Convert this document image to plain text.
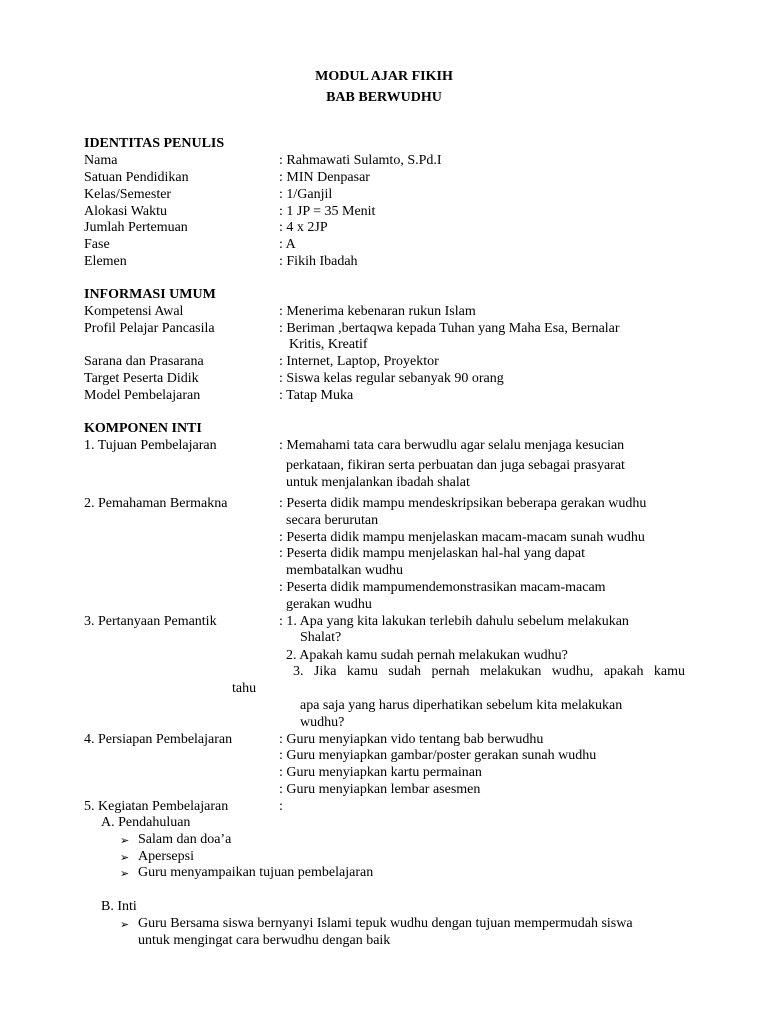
MODUL AJAR FIKIH
BAB BERWUDHU
IDENTITAS PENULIS
Nama	: Rahmawati Sulamto, S.Pd.I
Satuan Pendidikan	: MIN Denpasar
Kelas/Semester	: 1/Ganjil
Alokasi Waktu	: 1 JP = 35 Menit
Jumlah Pertemuan	: 4 x 2JP
Fase	: A
Elemen	: Fikih Ibadah
INFORMASI UMUM
Kompetensi Awal	: Menerima kebenaran rukun Islam
Profil Pelajar Pancasila	: Beriman ,bertaqwa kepada Tuhan yang Maha Esa, Bernalar
Kritis, Kreatif
Sarana dan Prasarana	: Internet, Laptop, Proyektor
Target Peserta Didik	: Siswa kelas regular sebanyak 90 orang
Model Pembelajaran	: Tatap Muka
KOMPONEN INTI
1. Tujuan Pembelajaran	: Memahami tata cara berwudlu agar selalu menjaga kesucian
perkataan, fikiran serta perbuatan dan juga sebagai prasyarat
untuk menjalankan ibadah shalat
2. Pemahaman Bermakna	: Peserta didik mampu mendeskripsikan beberapa gerakan wudhu
secara berurutan
: Peserta didik mampu menjelaskan macam-macam sunah wudhu
: Peserta didik mampu menjelaskan hal-hal yang dapat
membatalkan wudhu
: Peserta didik mampumendemonstrasikan macam-macam
gerakan wudhu
3. Pertanyaan Pemantik	: 1. Apa yang kita lakukan terlebih dahulu sebelum melakukan
Shalat?
2. Apakah kamu sudah pernah melakukan wudhu?
3. Jika kamu sudah pernah melakukan wudhu, apakah kamu
tahu
apa saja yang harus diperhatikan sebelum kita melakukan
wudhu?
4. Persiapan Pembelajaran	: Guru menyiapkan vido tentang bab berwudhu
: Guru menyiapkan gambar/poster gerakan sunah wudhu
: Guru menyiapkan kartu permainan
: Guru menyiapkan lembar asesmen
5. Kegiatan Pembelajaran	:
A. Pendahuluan
➢ Salam dan doa’a
➢ Apersepsi
➢ Guru menyampaikan tujuan pembelajaran
B. Inti
➢ Guru Bersama siswa bernyanyi Islami tepuk wudhu dengan tujuan mempermudah siswa
untuk mengingat cara berwudhu dengan baik
